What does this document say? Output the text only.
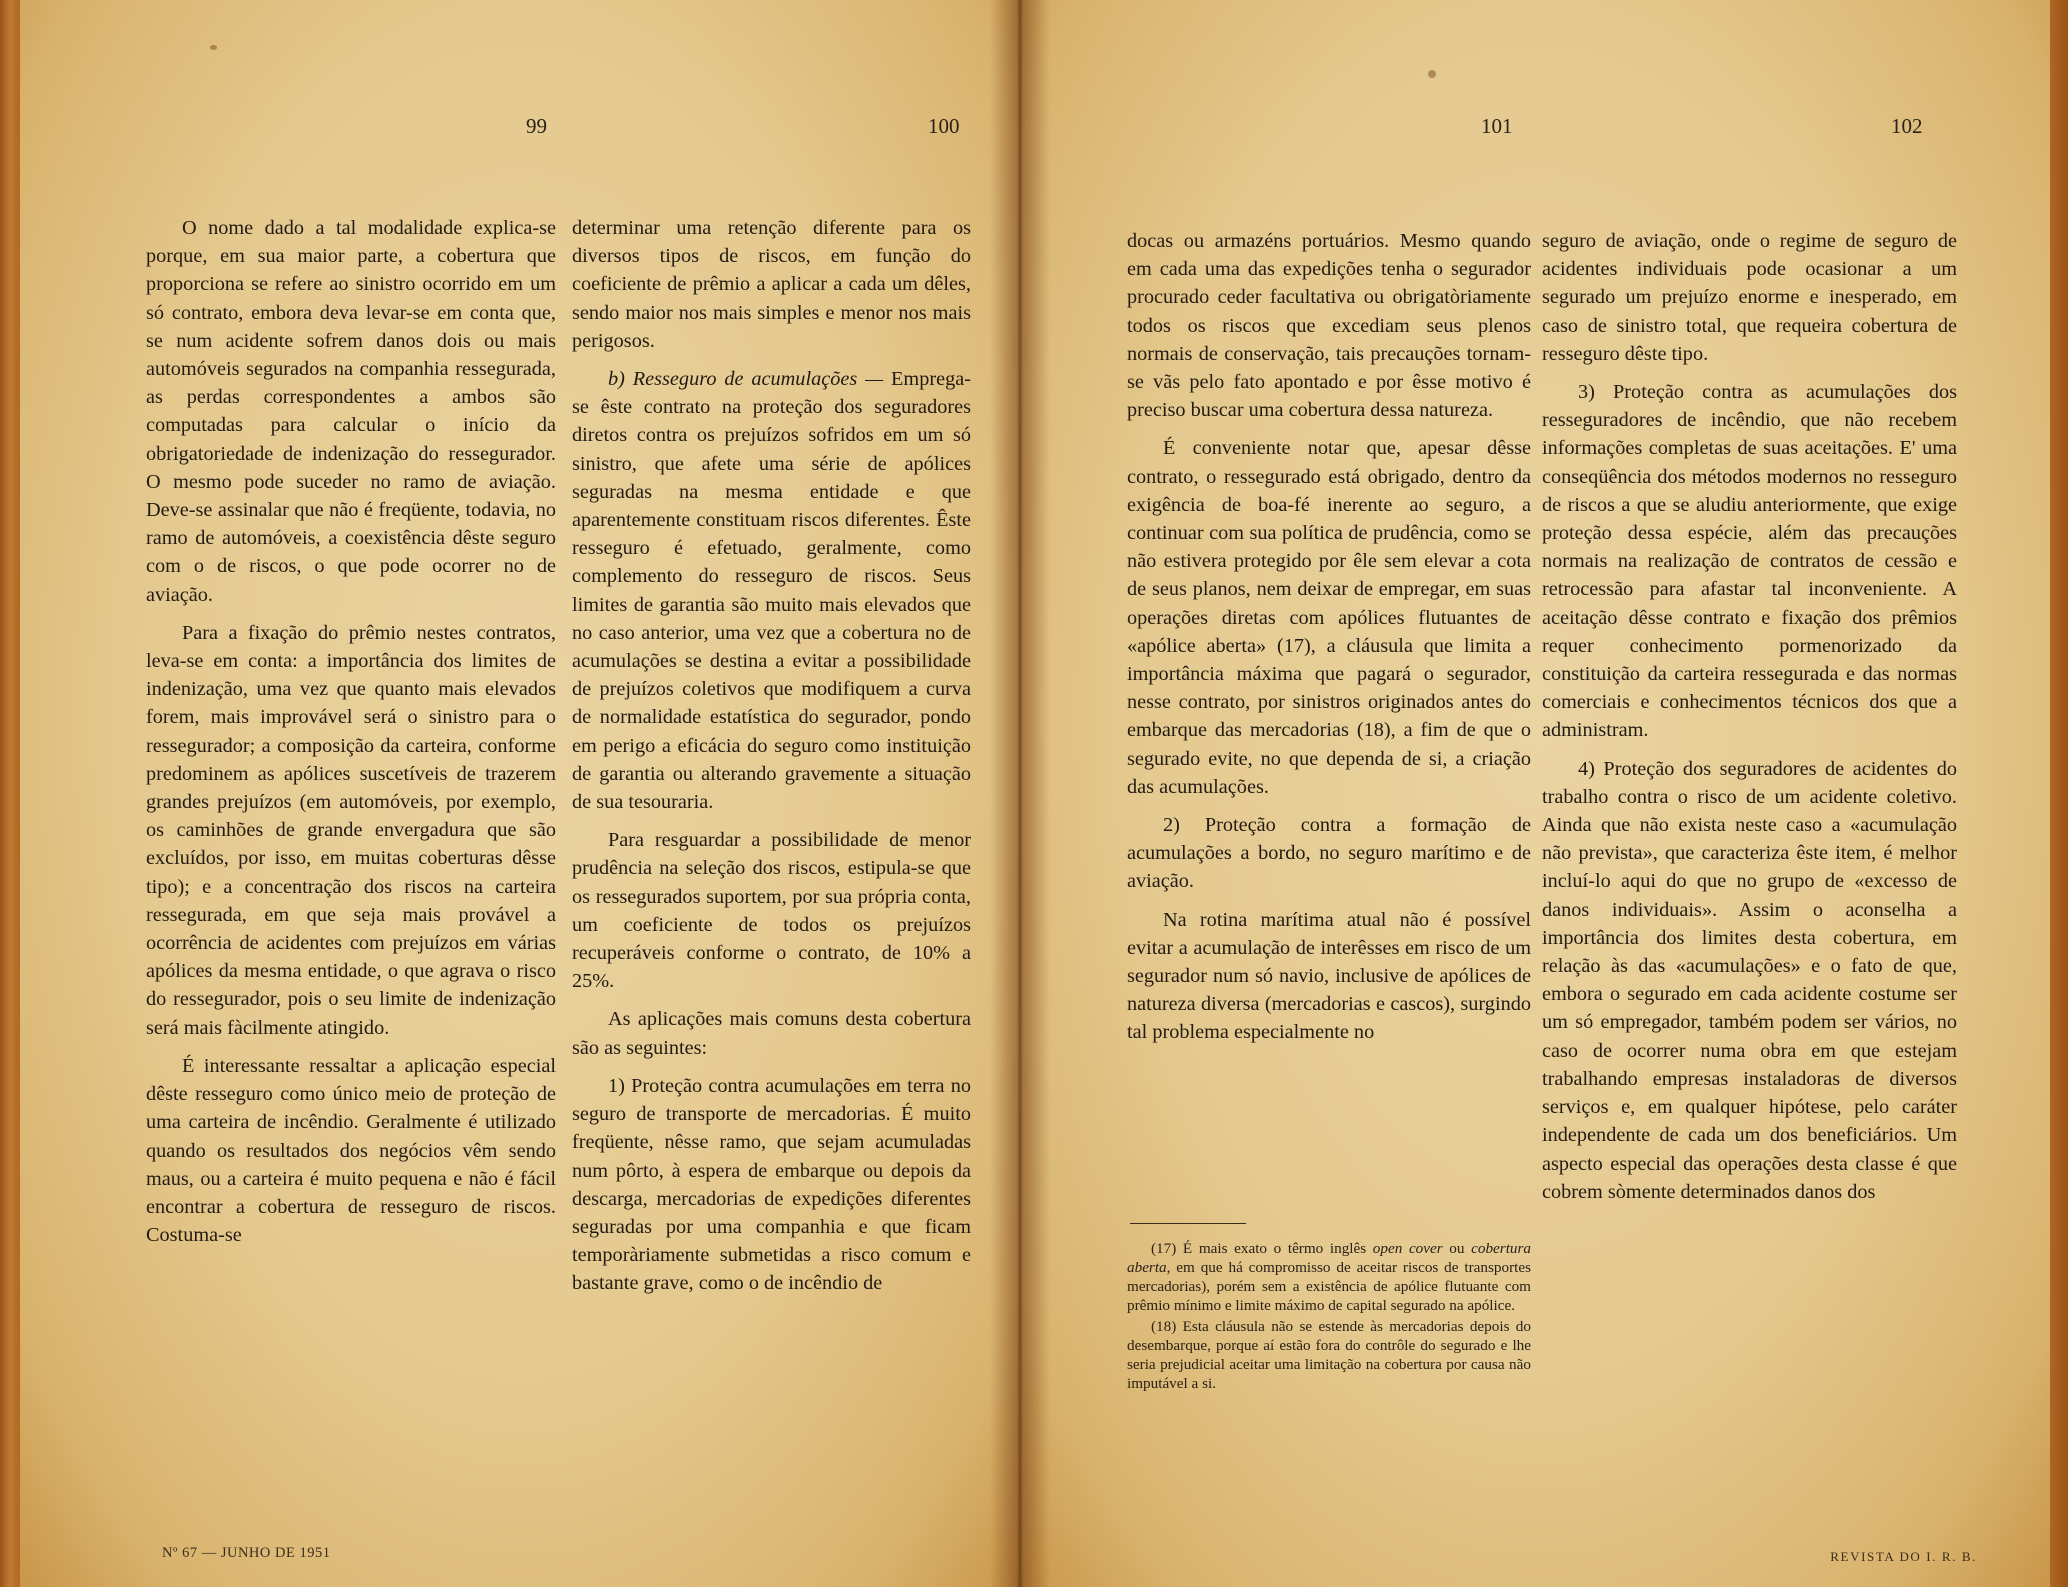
99	100

O nome dado a tal modalidade explica-se porque, em sua maior parte, a cobertura que proporciona se refere ao sinistro ocorrido em um só contrato, embora deva levar-se em conta que, se num acidente sofrem danos dois ou mais automóveis segurados na companhia ressegurada, as perdas correspondentes a ambos são computadas para calcular o início da obrigatoriedade de indenização do ressegurador. O mesmo pode suceder no ramo de aviação. Deve-se assinalar que não é freqüente, todavia, no ramo de automóveis, a coexistência dêste seguro com o de riscos, o que pode ocorrer no de aviação.

Para a fixação do prêmio nestes contratos, leva-se em conta: a importância dos limites de indenização, uma vez que quanto mais elevados forem, mais improvável será o sinistro para o ressegurador; a composição da carteira, conforme predominem as apólices suscetíveis de trazerem grandes prejuízos (em automóveis, por exemplo, os caminhões de grande envergadura que são excluídos, por isso, em muitas coberturas dêsse tipo); e a concentração dos riscos na carteira ressegurada, em que seja mais provável a ocorrência de acidentes com prejuízos em várias apólices da mesma entidade, o que agrava o risco do ressegurador, pois o seu limite de indenização será mais fàcilmente atingido.

É interessante ressaltar a aplicação especial dêste resseguro como único meio de proteção de uma carteira de incêndio. Geralmente é utilizado quando os resultados dos negócios vêm sendo maus, ou a carteira é muito pequena e não é fácil encontrar a cobertura de resseguro de riscos. Costuma-se

determinar uma retenção diferente para os diversos tipos de riscos, em função do coeficiente de prêmio a aplicar a cada um dêles, sendo maior nos mais simples e menor nos mais perigosos.

b) Resseguro de acumulações — Emprega-se êste contrato na proteção dos seguradores diretos contra os prejuízos sofridos em um só sinistro, que afete uma série de apólices seguradas na mesma entidade e que aparentemente constituam riscos diferentes. Êste resseguro é efetuado, geralmente, como complemento do resseguro de riscos. Seus limites de garantia são muito mais elevados que no caso anterior, uma vez que a cobertura no de acumulações se destina a evitar a possibilidade de prejuízos coletivos que modifiquem a curva de normalidade estatística do segurador, pondo em perigo a eficácia do seguro como instituição de garantia ou alterando gravemente a situação de sua tesouraria.

Para resguardar a possibilidade de menor prudência na seleção dos riscos, estipula-se que os ressegurados suportem, por sua própria conta, um coeficiente de todos os prejuízos recuperáveis conforme o contrato, de 10% a 25%.

As aplicações mais comuns desta cobertura são as seguintes:

1) Proteção contra acumulações em terra no seguro de transporte de mercadorias. É muito freqüente, nêsse ramo, que sejam acumuladas num pôrto, à espera de embarque ou depois da descarga, mercadorias de expedições diferentes seguradas por uma companhia e que ficam temporàriamente submetidas a risco comum e bastante grave, como o de incêndio de

Nº 67 — JUNHO DE 1951
101	102

docas ou armazéns portuários. Mesmo quando em cada uma das expedições tenha o segurador procurado ceder facultativa ou obrigatòriamente todos os riscos que excediam seus plenos normais de conservação, tais precauções tornam-se vãs pelo fato apontado e por êsse motivo é preciso buscar uma cobertura dessa natureza.

É conveniente notar que, apesar dêsse contrato, o ressegurado está obrigado, dentro da exigência de boa-fé inerente ao seguro, a continuar com sua política de prudência, como se não estivera protegido por êle sem elevar a cota de seus planos, nem deixar de empregar, em suas operações diretas com apólices flutuantes de «apólice aberta» (17), a cláusula que limita a importância máxima que pagará o segurador, nesse contrato, por sinistros originados antes do embarque das mercadorias (18), a fim de que o segurado evite, no que dependa de si, a criação das acumulações.

2) Proteção contra a formação de acumulações a bordo, no seguro marítimo e de aviação.

Na rotina marítima atual não é possível evitar a acumulação de interêsses em risco de um segurador num só navio, inclusive de apólices de natureza diversa (mercadorias e cascos), surgindo tal problema especialmente no

(17) É mais exato o têrmo inglês open cover ou cobertura aberta, em que há compromisso de aceitar riscos de transportes mercadorias), porém sem a existência de apólice flutuante com prêmio mínimo e limite máximo de capital segurado na apólice.

(18) Esta cláusula não se estende às mercadorias depois do desembarque, porque aí estão fora do contrôle do segurado e lhe seria prejudicial aceitar uma limitação na cobertura por causa não imputável a si.

seguro de aviação, onde o regime de seguro de acidentes individuais pode ocasionar a um segurado um prejuízo enorme e inesperado, em caso de sinistro total, que requeira cobertura de resseguro dêste tipo.

3) Proteção contra as acumulações dos resseguradores de incêndio, que não recebem informações completas de suas aceitações. E' uma conseqüência dos métodos modernos no resseguro de riscos a que se aludiu anteriormente, que exige proteção dessa espécie, além das precauções normais na realização de contratos de cessão e retrocessão para afastar tal inconveniente. A aceitação dêsse contrato e fixação dos prêmios requer conhecimento pormenorizado da constituição da carteira ressegurada e das normas comerciais e conhecimentos técnicos dos que a administram.

4) Proteção dos seguradores de acidentes do trabalho contra o risco de um acidente coletivo. Ainda que não exista neste caso a «acumulação não prevista», que caracteriza êste item, é melhor incluí-lo aqui do que no grupo de «excesso de danos individuais». Assim o aconselha a importância dos limites desta cobertura, em relação às das «acumulações» e o fato de que, embora o segurado em cada acidente costume ser um só empregador, também podem ser vários, no caso de ocorrer numa obra em que estejam trabalhando empresas instaladoras de diversos serviços e, em qualquer hipótese, pelo caráter independente de cada um dos beneficiários. Um aspecto especial das operações desta classe é que cobrem sòmente determinados danos dos

REVISTA DO I. R. B.
